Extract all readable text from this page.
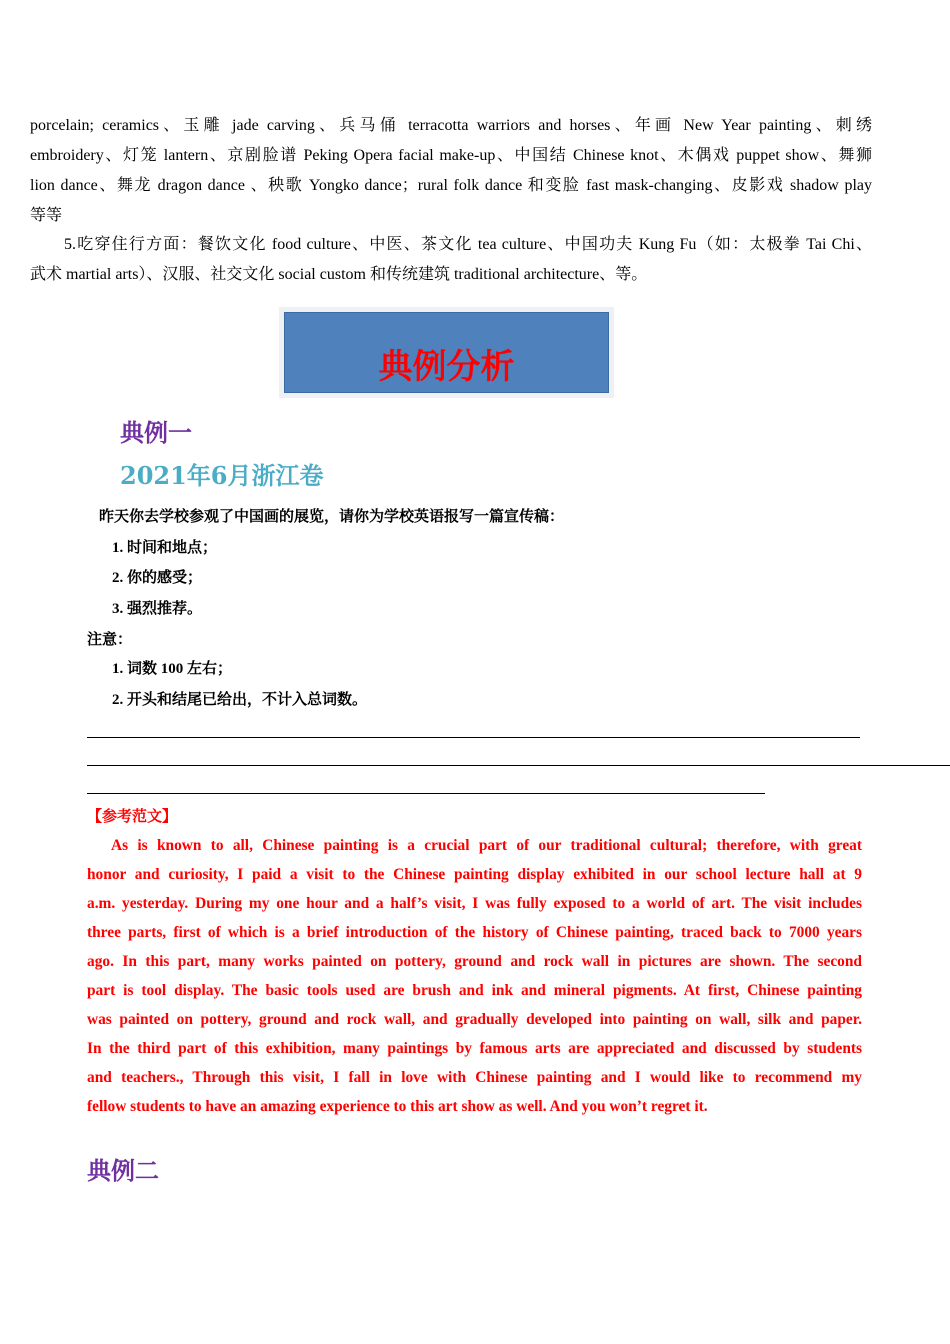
porcelain; ceramics、玉雕 jade carving、兵马俑 terracotta warriors and horses、年画 New Year painting、刺绣
embroidery、灯笼 lantern、京剧脸谱 Peking Opera facial make-up、中国结 Chinese knot、木偶戏 puppet show、舞狮
lion dance、舞龙 dragon dance 、秧歌 Yongko dance；rural folk dance 和变脸 fast mask-changing、皮影戏 shadow play
等等
5.吃穿住行方面：餐饮文化 food culture、中医、茶文化 tea culture、中国功夫 Kung Fu（如：太极拳 Tai Chi、
武术 martial arts）、汉服、社交文化 social custom 和传统建筑 traditional architecture、等。
典例分析
典例一
2021年6月浙江卷
昨天你去学校参观了中国画的展览，请你为学校英语报写一篇宣传稿：
1. 时间和地点；
2. 你的感受；
3. 强烈推荐。
注意：
1. 词数 100 左右；
2. 开头和结尾已给出，不计入总词数。
【参考范文】
As is known to all, Chinese painting is a crucial part of our traditional cultural; therefore, with great
honor and curiosity, I paid a visit to the Chinese painting display exhibited in our school lecture hall at 9
a.m. yesterday. During my one hour and a half’s visit, I was fully exposed to a world of art. The visit includes
three parts, first of which is a brief introduction of the history of Chinese painting, traced back to 7000 years
ago. In this part, many works painted on pottery, ground and rock wall in pictures are shown. The second
part is tool display. The basic tools used are brush and ink and mineral pigments. At first, Chinese painting
was painted on pottery, ground and rock wall, and gradually developed into painting on wall, silk and paper.
In the third part of this exhibition, many paintings by famous arts are appreciated and discussed by students
and teachers., Through this visit, I fall in love with Chinese painting and I would like to recommend my
fellow students to have an amazing experience to this art show as well. And you won’t regret it.
典例二
